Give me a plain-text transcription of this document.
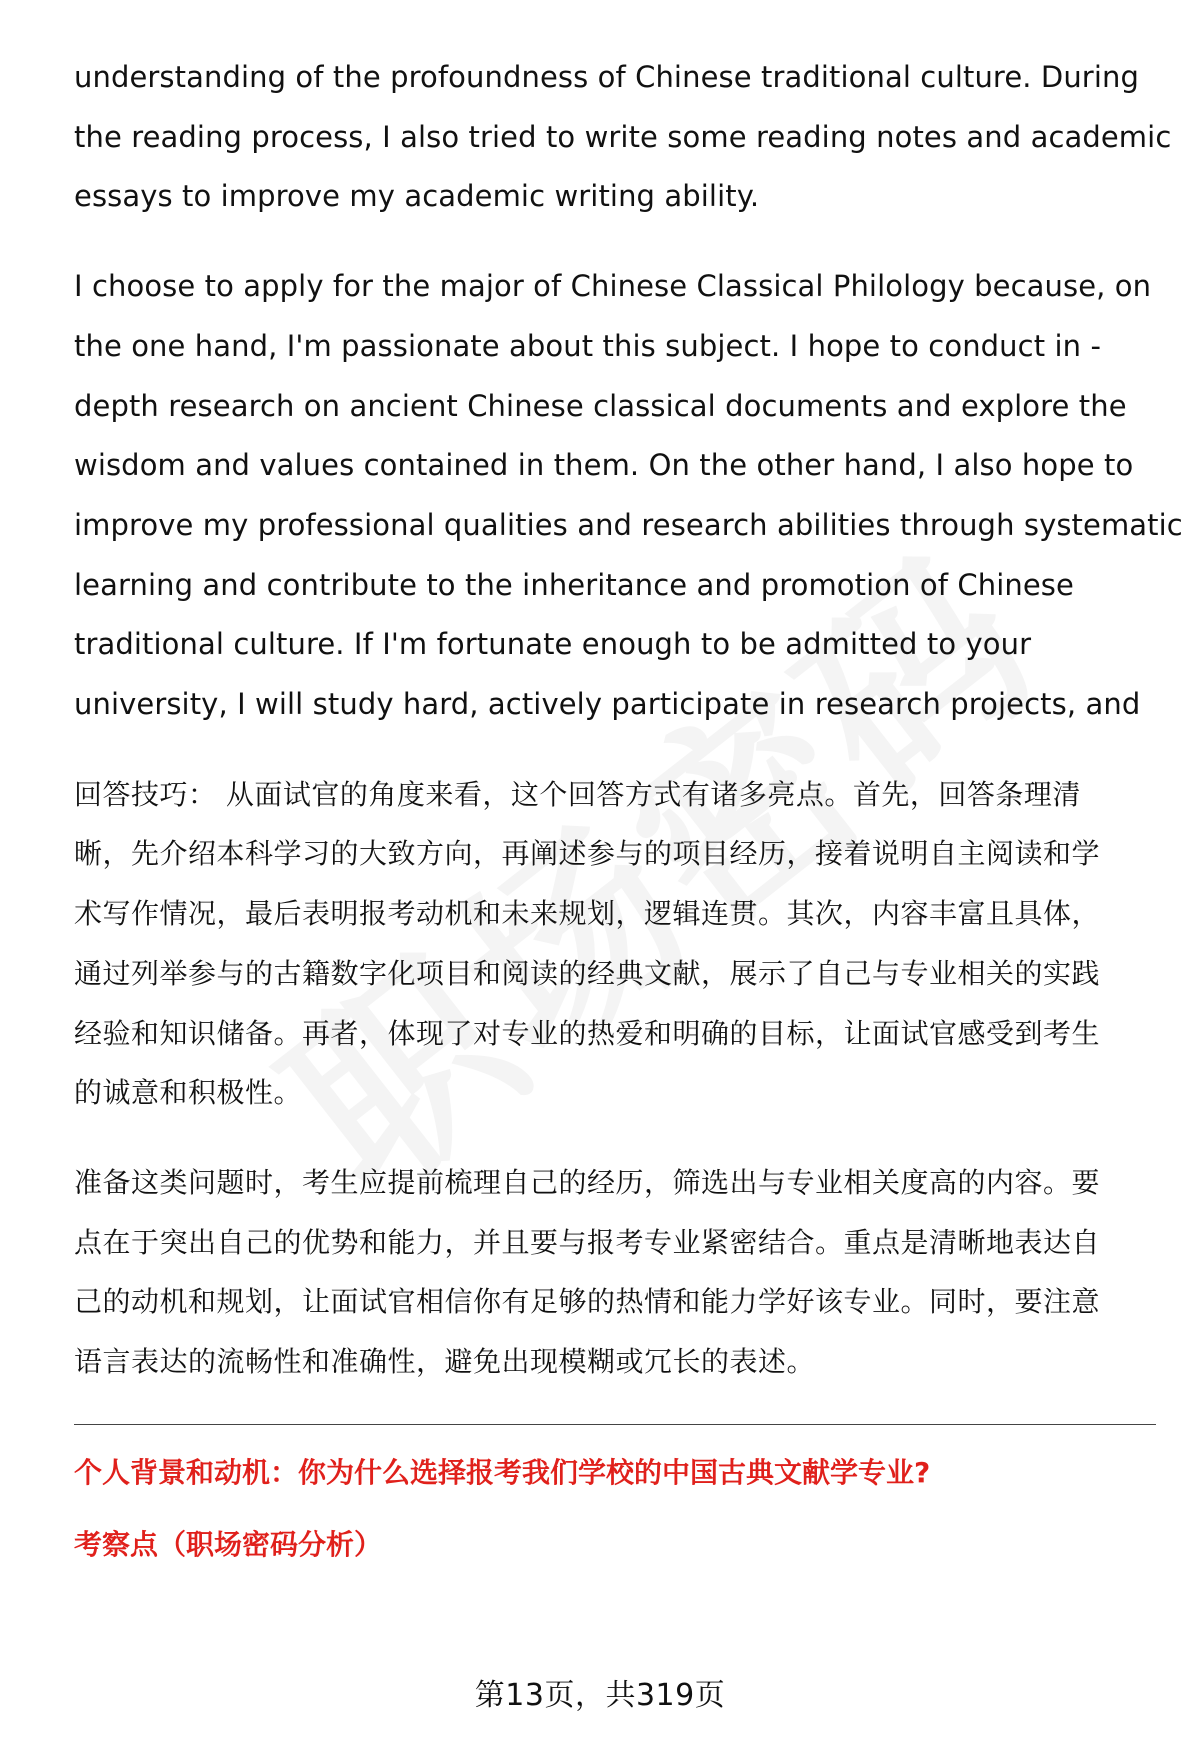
understanding of the profoundness of Chinese traditional culture. During
the reading process, I also tried to write some reading notes and academic
essays to improve my academic writing ability.

I choose to apply for the major of Chinese Classical Philology because, on
the one hand, I'm passionate about this subject. I hope to conduct in -
depth research on ancient Chinese classical documents and explore the
wisdom and values contained in them. On the other hand, I also hope to
improve my professional qualities and research abilities through systematic
learning and contribute to the inheritance and promotion of Chinese
traditional culture. If I'm fortunate enough to be admitted to your
university, I will study hard, actively participate in research projects, and

回答技巧： 从面试官的角度来看，这个回答方式有诸多亮点。首先，回答条理清
晰，先介绍本科学习的大致方向，再阐述参与的项目经历，接着说明自主阅读和学
术写作情况，最后表明报考动机和未来规划，逻辑连贯。其次，内容丰富且具体，
通过列举参与的古籍数字化项目和阅读的经典文献，展示了自己与专业相关的实践
经验和知识储备。再者，体现了对专业的热爱和明确的目标，让面试官感受到考生
的诚意和积极性。

准备这类问题时，考生应提前梳理自己的经历，筛选出与专业相关度高的内容。要
点在于突出自己的优势和能力，并且要与报考专业紧密结合。重点是清晰地表达自
己的动机和规划，让面试官相信你有足够的热情和能力学好该专业。同时，要注意
语言表达的流畅性和准确性，避免出现模糊或冗长的表述。

个人背景和动机：你为什么选择报考我们学校的中国古典文献学专业?

考察点（职场密码分析）

第13页，共319页
